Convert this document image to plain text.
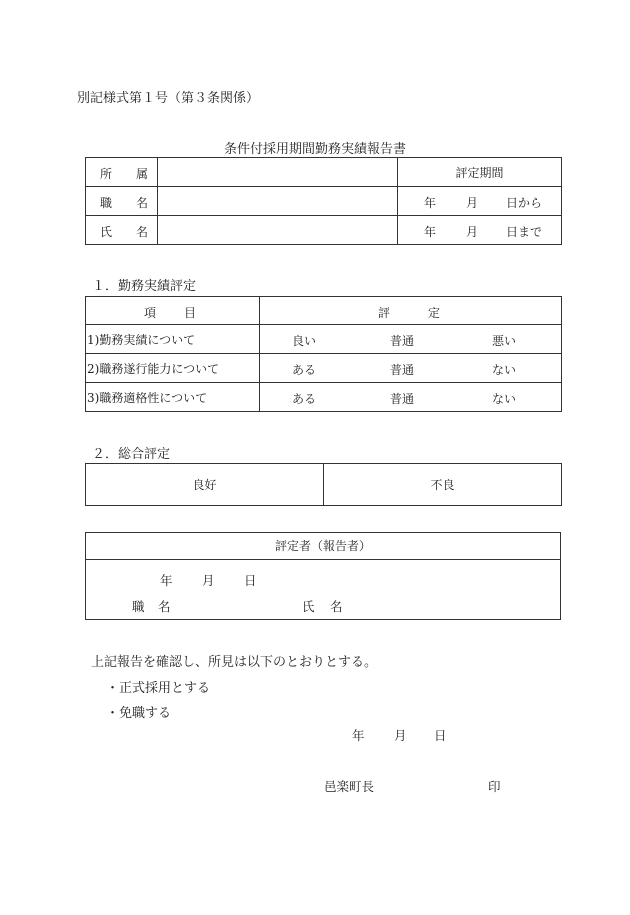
別記様式第１号（第３条関係）
条件付採用期間勤務実績報告書
所 属		評定期間

職 名		年 月 日から

氏 名		年 月 日まで
１．勤務実績評定
項 目	評 定

1)勤務実績について	良い 普通 悪い

2)職務遂行能力について	ある 普通 ない

3)職務適格性について	ある 普通 ない
２．総合評定
良好	不良
評定者（報告者）
年 月 日
職 名	氏 名
上記報告を確認し、所見は以下のとおりとする。
・正式採用とする
・免職する
年 月 日
邑楽町長	印
